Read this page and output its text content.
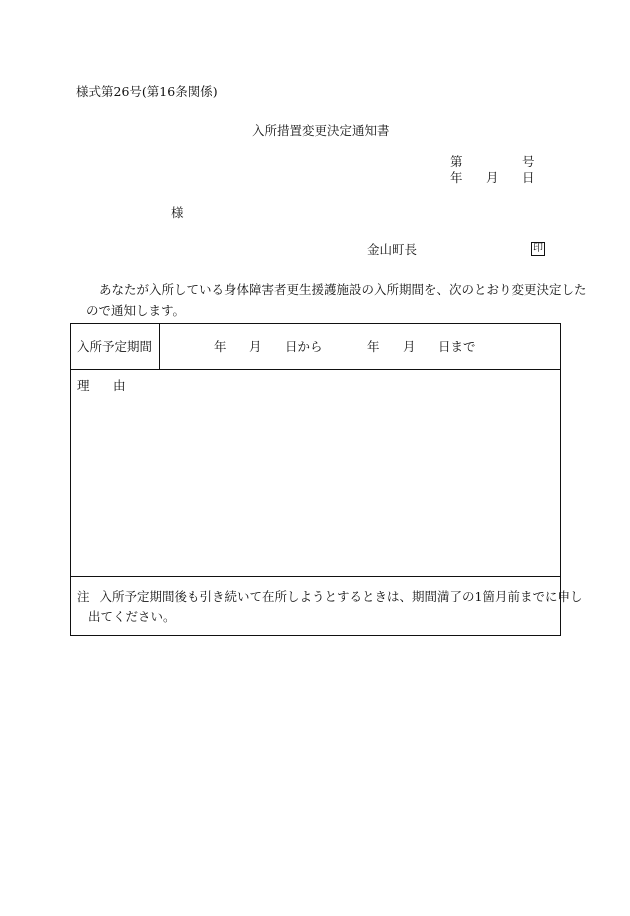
様式第26号(第16条関係)
入所措置変更決定通知書
第	号
年 月 日
様
金山町長	印
あなたが入所している身体障害者更生援護施設の入所期間を、次のとおり変更決定した
ので通知します。
入所予定期間	年 月 日から	年 月 日まで
理 由
注 入所予定期間後も引き続いて在所しようとするときは、期間満了の1箇月前までに申し
出てください。
